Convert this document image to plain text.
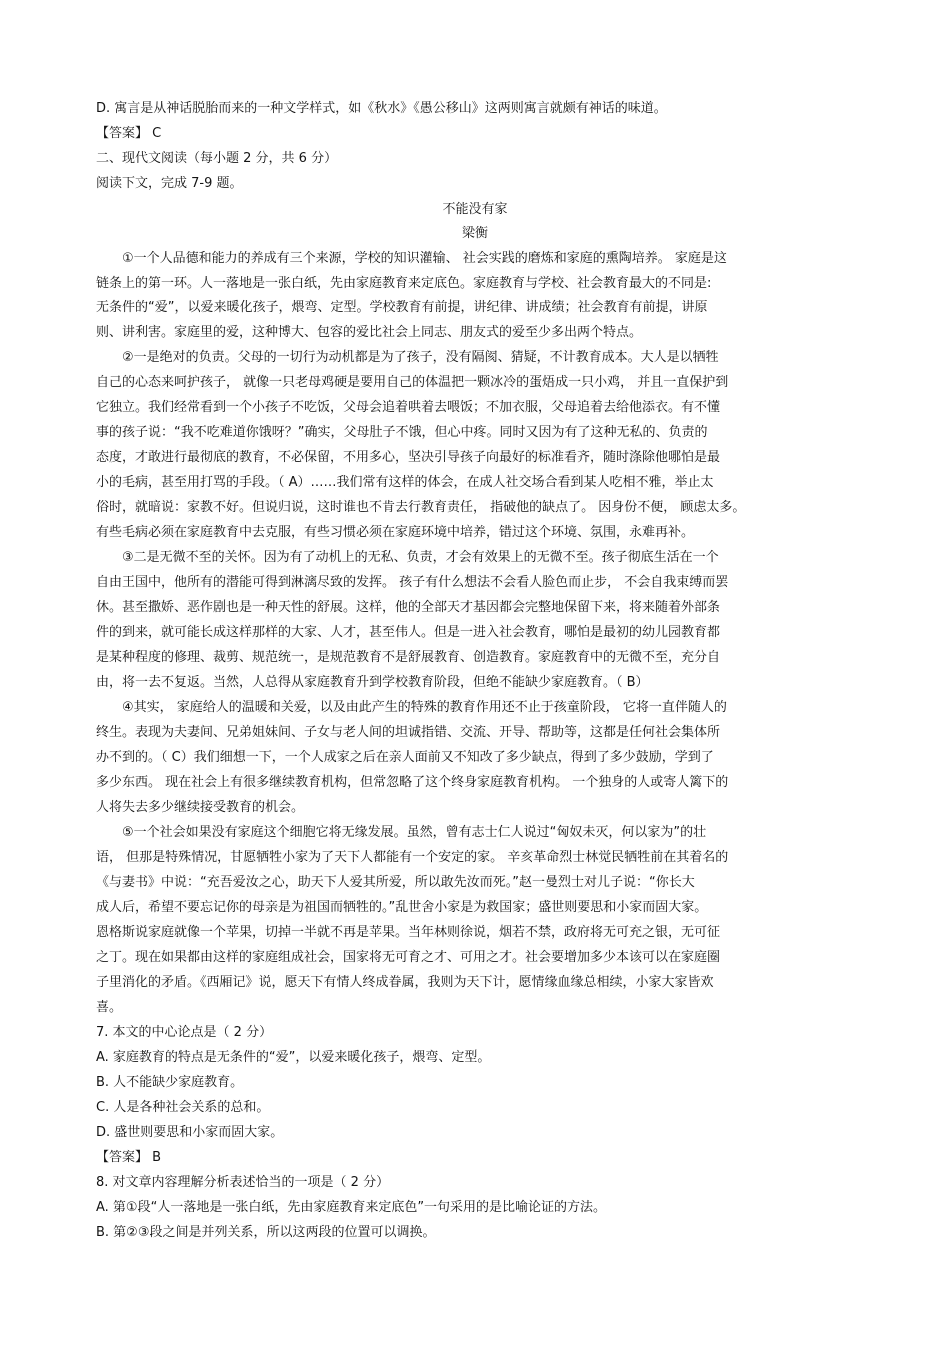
D. 寓言是从神话脱胎而来的一种文学样式，如《秋水》《愚公移山》这两则寓言就颇有神话的味道。
【答案】 C
二、现代文阅读（每小题 2 分，共 6 分）
阅读下文，完成 7-9 题。
不能没有家
梁衡
①一个人品德和能力的养成有三个来源，学校的知识灌输、 社会实践的磨炼和家庭的熏陶培养。 家庭是这
链条上的第一环。人一落地是一张白纸，先由家庭教育来定底色。家庭教育与学校、社会教育最大的不同是:
无条件的“爱”，以爱来暖化孩子，煨弯、定型。学校教育有前提，讲纪律、讲成绩；社会教育有前提，讲原
则、讲利害。家庭里的爱，这种博大、包容的爱比社会上同志、朋友式的爱至少多出两个特点。
②一是绝对的负责。父母的一切行为动机都是为了孩子，没有隔阂、猜疑，不计教育成本。大人是以牺牲
自己的心态来呵护孩子， 就像一只老母鸡硬是要用自己的体温把一颗冰冷的蛋焐成一只小鸡， 并且一直保护到
它独立。我们经常看到一个小孩子不吃饭，父母会追着哄着去喂饭；不加衣服，父母追着去给他添衣。有不懂
事的孩子说：“我不吃难道你饿呀？”确实，父母肚子不饿，但心中疼。同时又因为有了这种无私的、负责的
态度，才敢进行最彻底的教育，不必保留，不用多心，坚决引导孩子向最好的标准看齐，随时涤除他哪怕是最
小的毛病，甚至用打骂的手段。（ A）……我们常有这样的体会，在成人社交场合看到某人吃相不雅，举止太
俗时，就暗说：家教不好。但说归说，这时谁也不肯去行教育责任， 指破他的缺点了。 因身份不便， 顾虑太多。
有些毛病必须在家庭教育中去克服，有些习惯必须在家庭环境中培养，错过这个环境、氛围，永难再补。
③二是无微不至的关怀。因为有了动机上的无私、负责，才会有效果上的无微不至。孩子彻底生活在一个
自由王国中，他所有的潜能可得到淋漓尽致的发挥。 孩子有什么想法不会看人脸色而止步， 不会自我束缚而罢
休。甚至撒娇、恶作剧也是一种天性的舒展。这样，他的全部天才基因都会完整地保留下来，将来随着外部条
件的到来，就可能长成这样那样的大家、人才，甚至伟人。但是一进入社会教育，哪怕是最初的幼儿园教育都
是某种程度的修理、裁剪、规范统一，是规范教育不是舒展教育、创造教育。家庭教育中的无微不至，充分自
由，将一去不复返。当然，人总得从家庭教育升到学校教育阶段，但绝不能缺少家庭教育。（ B）
④其实， 家庭给人的温暖和关爱，以及由此产生的特殊的教育作用还不止于孩童阶段， 它将一直伴随人的
终生。表现为夫妻间、兄弟姐妹间、子女与老人间的坦诚指错、交流、开导、帮助等，这都是任何社会集体所
办不到的。（ C）我们细想一下，一个人成家之后在亲人面前又不知改了多少缺点，得到了多少鼓励，学到了
多少东西。 现在社会上有很多继续教育机构，但常忽略了这个终身家庭教育机构。 一个独身的人或寄人篱下的
人将失去多少继续接受教育的机会。
⑤一个社会如果没有家庭这个细胞它将无缘发展。虽然，曾有志士仁人说过“匈奴未灭，何以家为”的壮
语， 但那是特殊情况，甘愿牺牲小家为了天下人都能有一个安定的家。 辛亥革命烈士林觉民牺牲前在其着名的
《与妻书》中说：“充吾爱汝之心，助天下人爱其所爱，所以敢先汝而死。”赵一曼烈士对儿子说：“你长大
成人后，希望不要忘记你的母亲是为祖国而牺牲的。”乱世舍小家是为救国家；盛世则要思和小家而固大家。
恩格斯说家庭就像一个苹果，切掉一半就不再是苹果。当年林则徐说，烟若不禁，政府将无可充之银，无可征
之丁。现在如果都由这样的家庭组成社会，国家将无可育之才、可用之才。社会要增加多少本该可以在家庭圈
子里消化的矛盾。《西厢记》说，愿天下有情人终成眷属，我则为天下计，愿情缘血缘总相续，小家大家皆欢
喜。
7. 本文的中心论点是（ 2 分）
A. 家庭教育的特点是无条件的“爱”，以爱来暖化孩子，煨弯、定型。
B. 人不能缺少家庭教育。
C. 人是各种社会关系的总和。
D. 盛世则要思和小家而固大家。
【答案】 B
8. 对文章内容理解分析表述恰当的一项是（ 2 分）
A. 第①段“人一落地是一张白纸，先由家庭教育来定底色”一句采用的是比喻论证的方法。
B. 第②③段之间是并列关系，所以这两段的位置可以调换。
